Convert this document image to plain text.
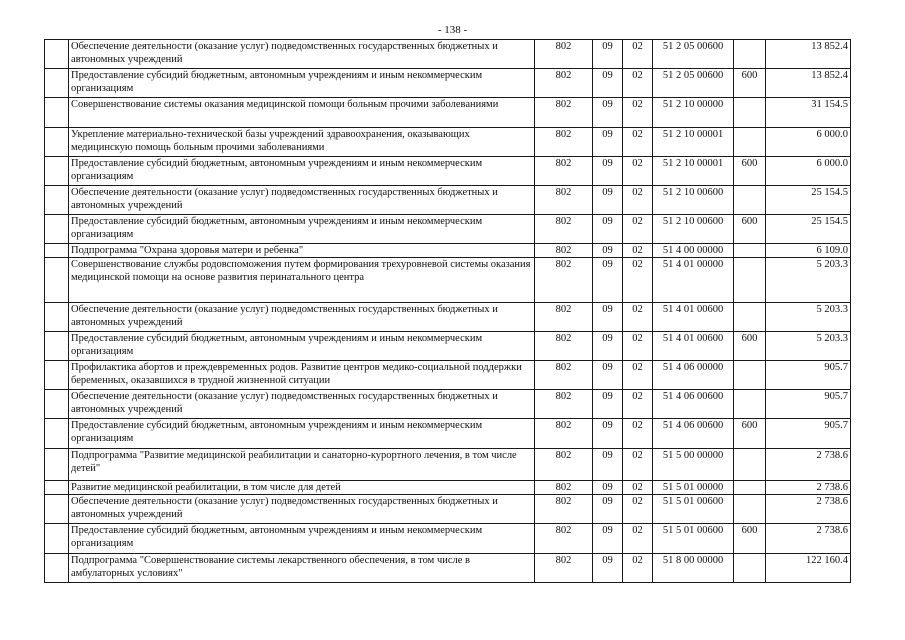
- 138 -
	Обеспечение деятельности (оказание услуг) подведомственных государственных бюджетных и автономных учреждений	802	09	02	51 2 05 00600		13 852.4
	Предоставление субсидий бюджетным, автономным учреждениям и иным некоммерческим организациям	802	09	02	51 2 05 00600	600	13 852.4
	Совершенствование системы оказания медицинской помощи больным прочими заболеваниями	802	09	02	51 2 10 00000		31 154.5
	Укрепление материально-технической базы учреждений здравоохранения, оказывающих медицинскую помощь больным прочими заболеваниями	802	09	02	51 2 10 00001		6 000.0
	Предоставление субсидий бюджетным, автономным учреждениям и иным некоммерческим организациям	802	09	02	51 2 10 00001	600	6 000.0
	Обеспечение деятельности (оказание услуг) подведомственных государственных бюджетных и автономных учреждений	802	09	02	51 2 10 00600		25 154.5
	Предоставление субсидий бюджетным, автономным учреждениям и иным некоммерческим организациям	802	09	02	51 2 10 00600	600	25 154.5
	Подпрограмма "Охрана здоровья матери и ребенка"	802	09	02	51 4 00 00000		6 109.0
	Совершенствование службы родовспоможения путем формирования трехуровневой системы оказания медицинской помощи на основе развития перинатального центра	802	09	02	51 4 01 00000		5 203.3
	Обеспечение деятельности (оказание услуг) подведомственных государственных бюджетных и автономных учреждений	802	09	02	51 4 01 00600		5 203.3
	Предоставление субсидий бюджетным, автономным учреждениям и иным некоммерческим организациям	802	09	02	51 4 01 00600	600	5 203.3
	Профилактика абортов и преждевременных родов. Развитие центров медико-социальной поддержки беременных, оказавшихся в трудной жизненной ситуации	802	09	02	51 4 06 00000		905.7
	Обеспечение деятельности (оказание услуг) подведомственных государственных бюджетных и автономных учреждений	802	09	02	51 4 06 00600		905.7
	Предоставление субсидий бюджетным, автономным учреждениям и иным некоммерческим организациям	802	09	02	51 4 06 00600	600	905.7
	Подпрограмма "Развитие медицинской реабилитации и санаторно-курортного лечения, в том числе детей"	802	09	02	51 5 00 00000		2 738.6
	Развитие медицинской реабилитации, в том числе для детей	802	09	02	51 5 01 00000		2 738.6
	Обеспечение деятельности (оказание услуг) подведомственных государственных бюджетных и автономных учреждений	802	09	02	51 5 01 00600		2 738.6
	Предоставление субсидий бюджетным, автономным учреждениям и иным некоммерческим организациям	802	09	02	51 5 01 00600	600	2 738.6
	Подпрограмма "Совершенствование системы лекарственного обеспечения, в том числе в амбулаторных условиях"	802	09	02	51 8 00 00000		122 160.4
